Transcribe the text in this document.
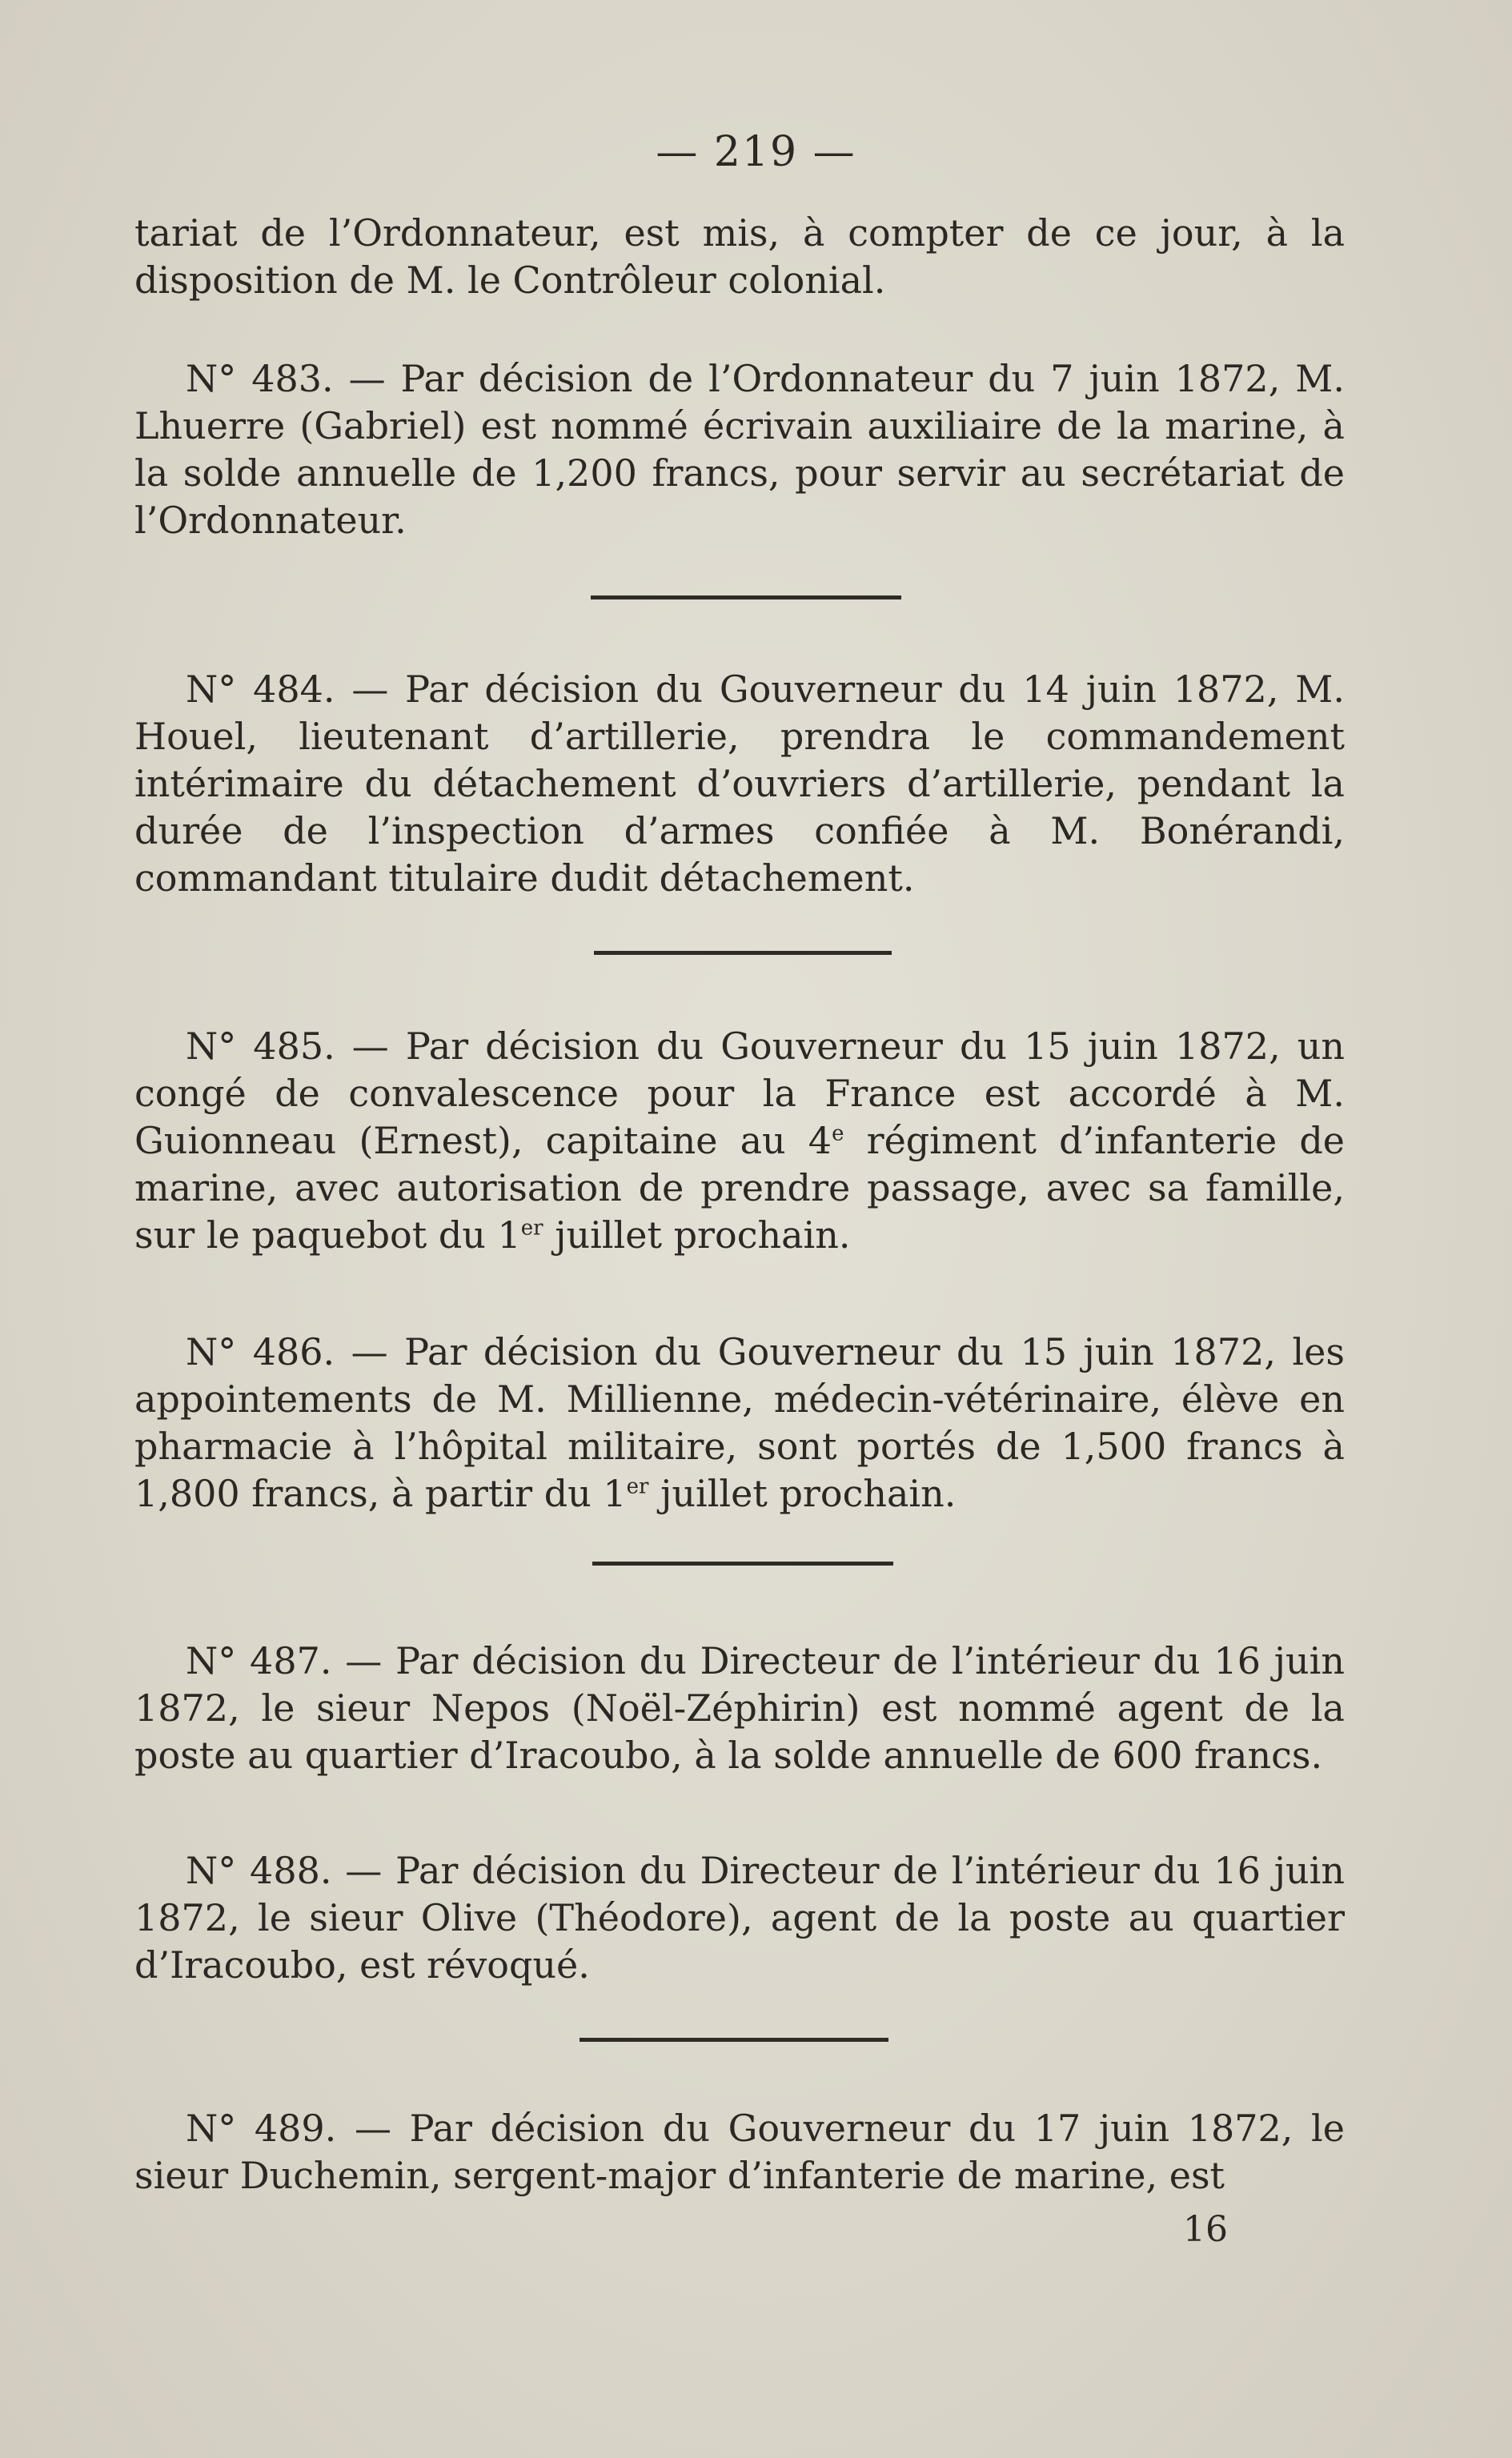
— 219 —

tariat de l’Ordonnateur, est mis, à compter de ce jour, à la disposition de M. le Contrôleur colonial.

N° 483. — Par décision de l’Ordonnateur du 7 juin 1872, M. Lhuerre (Gabriel) est nommé écrivain auxiliaire de la marine, à la solde annuelle de 1,200 francs, pour servir au secrétariat de l’Ordonnateur.

N° 484. — Par décision du Gouverneur du 14 juin 1872, M. Houel, lieutenant d’artillerie, prendra le commandement intérimaire du détachement d’ouvriers d’artillerie, pendant la durée de l’inspection d’armes confiée à M. Bonérandi, commandant titulaire dudit détachement.

N° 485. — Par décision du Gouverneur du 15 juin 1872, un congé de convalescence pour la France est accordé à M. Guionneau (Ernest), capitaine au 4e régiment d’infanterie de marine, avec autorisation de prendre passage, avec sa famille, sur le paquebot du 1er juillet prochain.

N° 486. — Par décision du Gouverneur du 15 juin 1872, les appointements de M. Millienne, médecin-vétérinaire, élève en pharmacie à l’hôpital militaire, sont portés de 1,500 francs à 1,800 francs, à partir du 1er juillet prochain.

N° 487. — Par décision du Directeur de l’intérieur du 16 juin 1872, le sieur Nepos (Noël-Zéphirin) est nommé agent de la poste au quartier d’Iracoubo, à la solde annuelle de 600 francs.

N° 488. — Par décision du Directeur de l’intérieur du 16 juin 1872, le sieur Olive (Théodore), agent de la poste au quartier d’Iracoubo, est révoqué.

N° 489. — Par décision du Gouverneur du 17 juin 1872, le sieur Duchemin, sergent-major d’infanterie de marine, est

16
